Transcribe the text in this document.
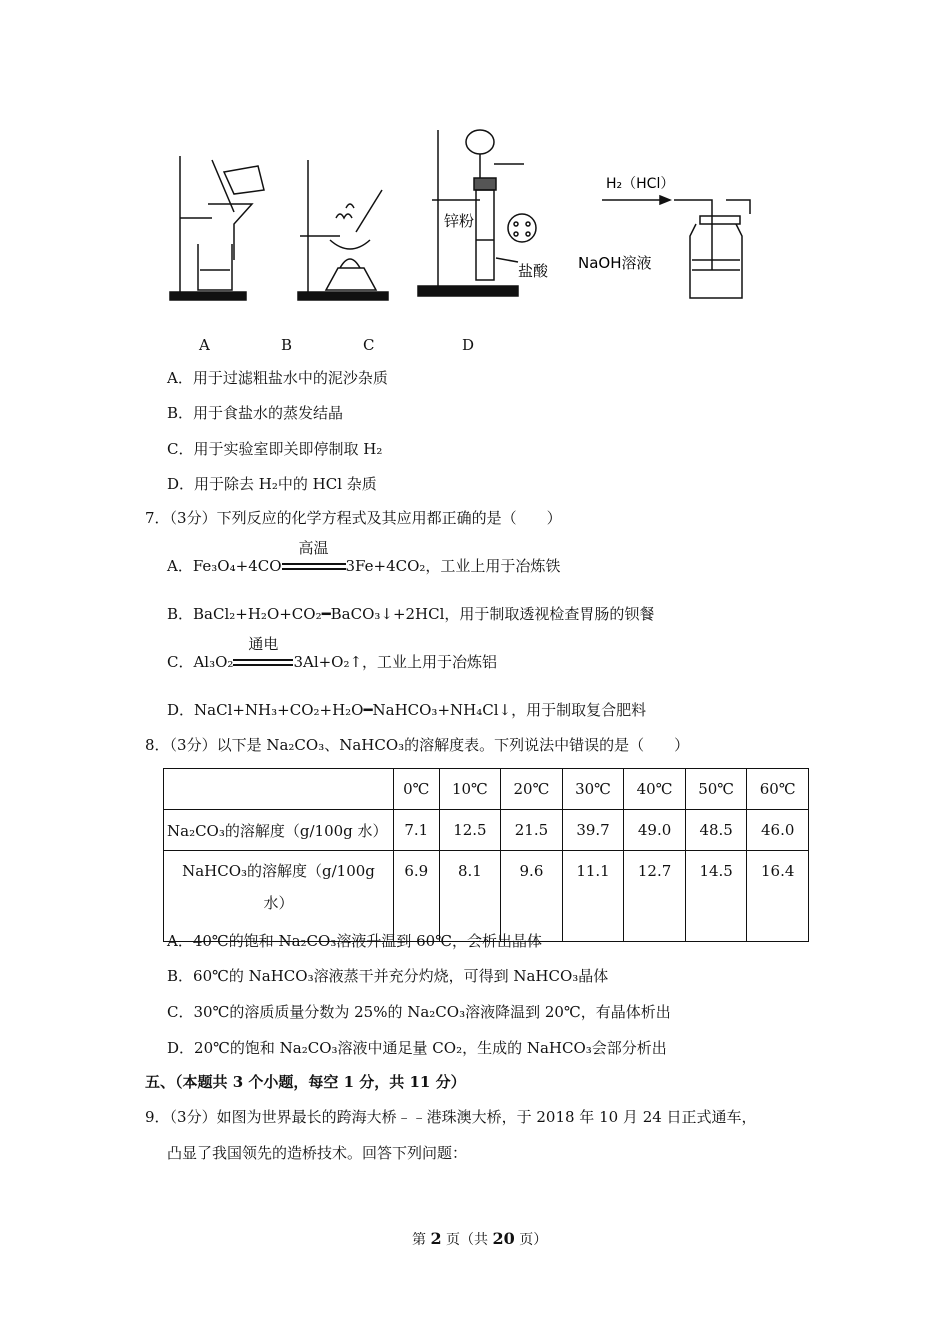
锌粉
盐酸
H₂（HCl）
NaOH溶液
A	B	C	D
A．用于过滤粗盐水中的泥沙杂质
B．用于食盐水的蒸发结晶
C．用于实验室即关即停制取 H₂
D．用于除去 H₂中的 HCl 杂质
7．（3分）下列反应的化学方程式及其应用都正确的是（　　）
A．Fe₃O₄+4CO
高温
3Fe+4CO₂，工业上用于冶炼铁
B．BaCl₂+H₂O+CO₂━BaCO₃↓+2HCl，用于制取透视检查胃肠的钡餐
C．Al₃O₂
通电
3Al+O₂↑，工业上用于冶炼铝
D．NaCl+NH₃+CO₂+H₂O━NaHCO₃+NH₄Cl↓，用于制取复合肥料
8．（3分）以下是 Na₂CO₃、NaHCO₃的溶解度表。下列说法中错误的是（　　）
	0℃	10℃	20℃	30℃	40℃	50℃	60℃
Na₂CO₃的溶解度（g/100g 水）	7.1	12.5	21.5	39.7	49.0	48.5	46.0

NaHCO₃的溶解度（g/100g
水）	6.9	8.1	9.6	11.1	12.7	14.5	16.4
A．40℃的饱和 Na₂CO₃溶液升温到 60℃，会析出晶体
B．60℃的 NaHCO₃溶液蒸干并充分灼烧，可得到 NaHCO₃晶体
C．30℃的溶质质量分数为 25%的 Na₂CO₃溶液降温到 20℃，有晶体析出
D．20℃的饱和 Na₂CO₃溶液中通足量 CO₂，生成的 NaHCO₃会部分析出
五、（本题共 3 个小题，每空 1 分，共 11 分）
9．（3分）如图为世界最长的跨海大桥﹣﹣港珠澳大桥，于 2018 年 10 月 24 日正式通车，
凸显了我国领先的造桥技术。回答下列问题：
第 2 页（共 20 页）
